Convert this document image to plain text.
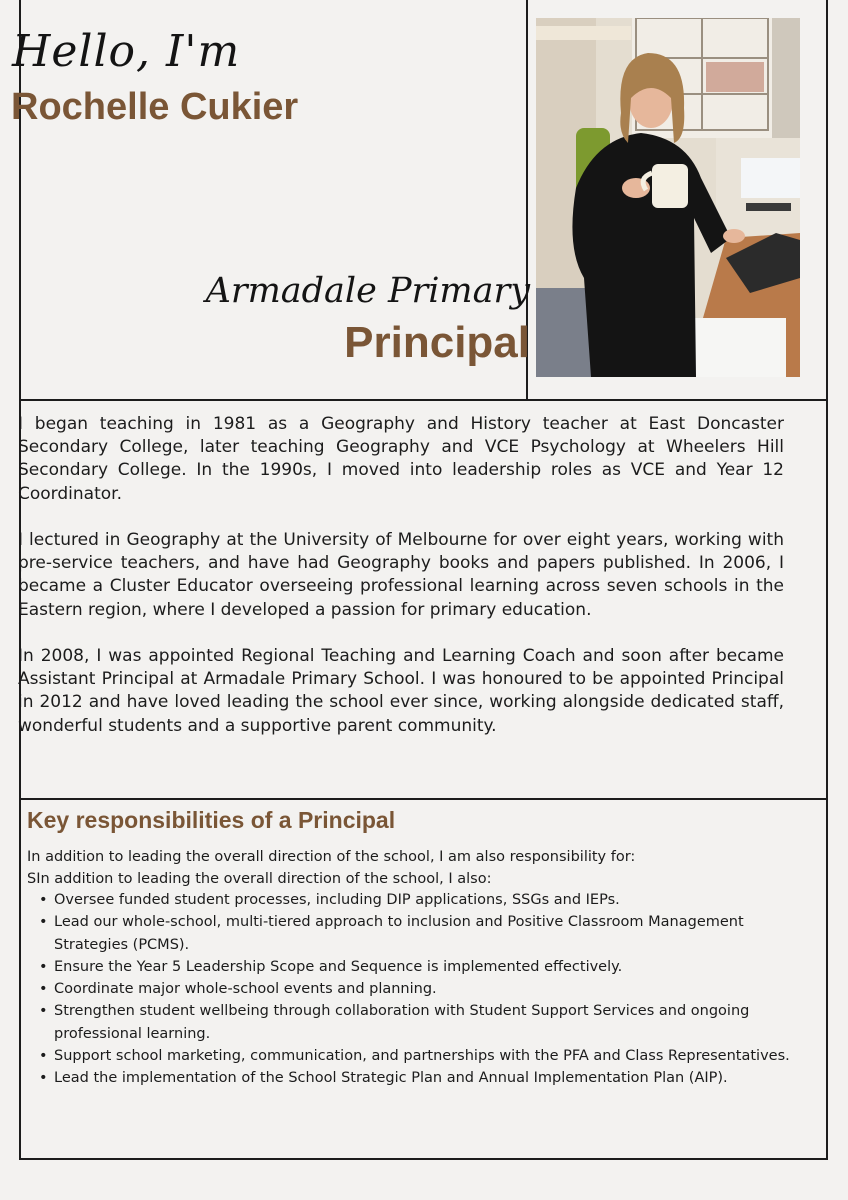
Hello, I'm
Rochelle Cukier
Armadale Primary
Principal

I began teaching in 1981 as a Geography and History teacher at East Doncaster Secondary College, later teaching Geography and VCE Psychology at Wheelers Hill Secondary College. In the 1990s, I moved into leadership roles as VCE and Year 12 Coordinator.

I lectured in Geography at the University of Melbourne for over eight years, working with pre-service teachers, and have had Geography books and papers published. In 2006, I became a Cluster Educator overseeing professional learning across seven schools in the Eastern region, where I developed a passion for primary education.

In 2008, I was appointed Regional Teaching and Learning Coach and soon after became Assistant Principal at Armadale Primary School. I was honoured to be appointed Principal in 2012 and have loved leading the school ever since, working alongside dedicated staff, wonderful students and a supportive parent community.

Key responsibilities of a Principal
In addition to leading the overall direction of the school, I am also responsibility for:
SIn addition to leading the overall direction of the school, I also:
• Oversee funded student processes, including DIP applications, SSGs and IEPs.
• Lead our whole-school, multi-tiered approach to inclusion and Positive Classroom Management Strategies (PCMS).
• Ensure the Year 5 Leadership Scope and Sequence is implemented effectively.
• Coordinate major whole-school events and planning.
• Strengthen student wellbeing through collaboration with Student Support Services and ongoing professional learning.
• Support school marketing, communication, and partnerships with the PFA and Class Representatives.
• Lead the implementation of the School Strategic Plan and Annual Implementation Plan (AIP).
